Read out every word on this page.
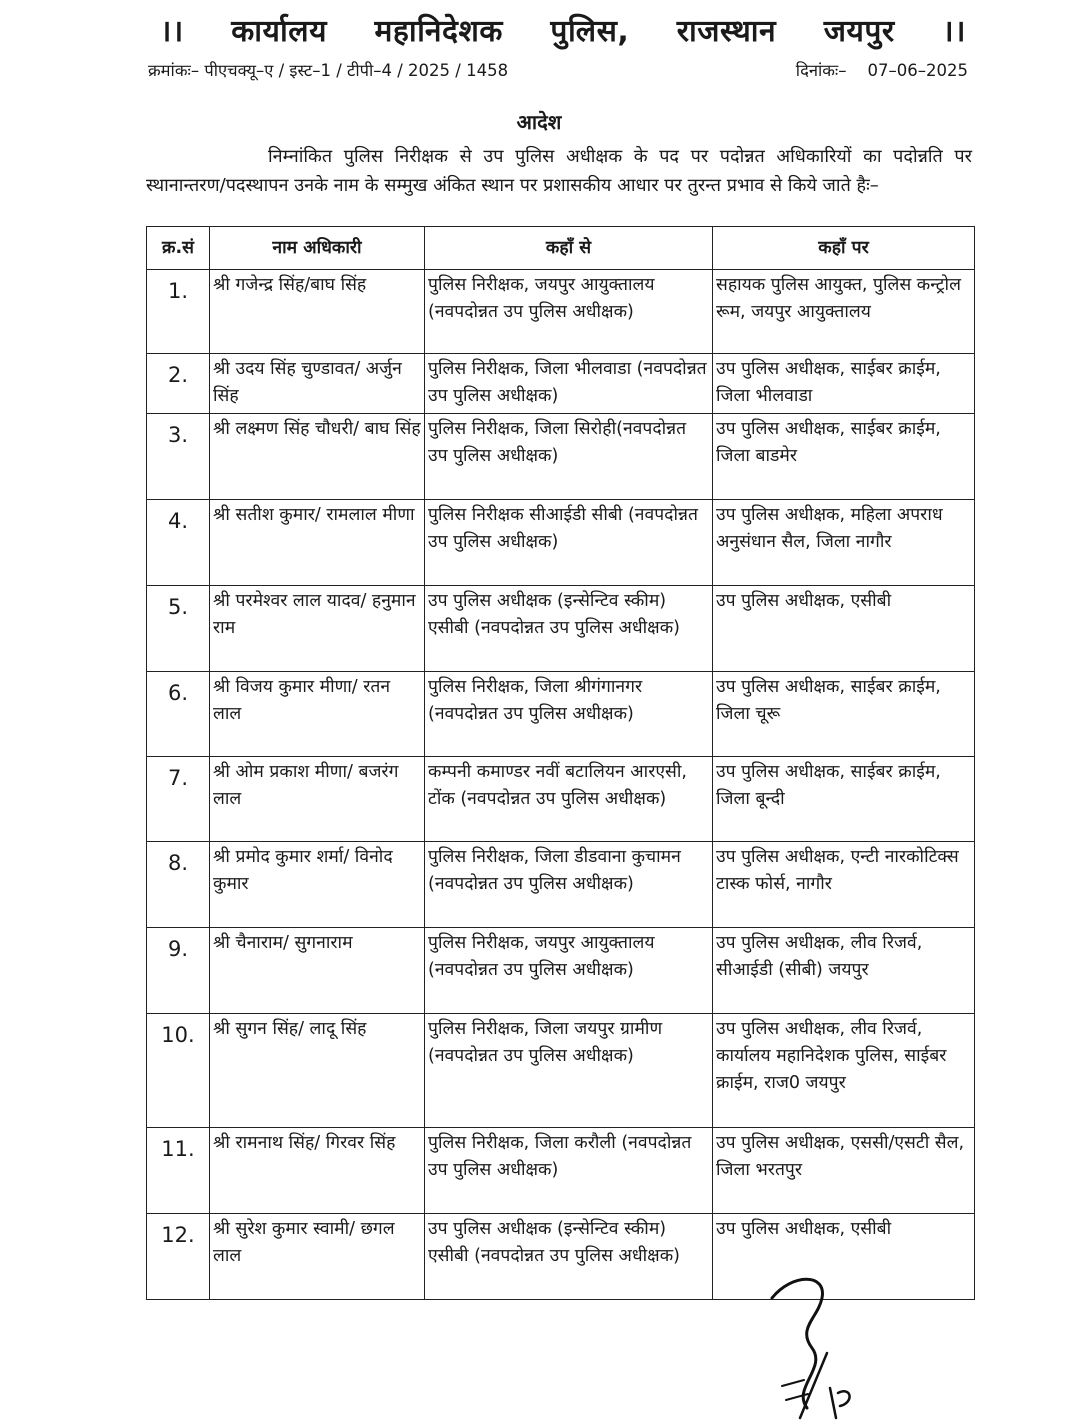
।। कार्यालय महानिदेशक पुलिस, राजस्थान जयपुर ।।
क्रमांकः– पीएचक्यू–ए / इस्ट–1 / टीपी–4 / 2025 / 1458	दिनांकः– 07–06–2025
आदेश
निम्नांकित पुलिस निरीक्षक से उप पुलिस अधीक्षक के पद पर पदोन्नत अधिकारियों का पदोन्नति पर स्थानान्तरण/पदस्थापन उनके नाम के सम्मुख अंकित स्थान पर प्रशासकीय आधार पर तुरन्त प्रभाव से किये जाते हैः–
क्र.सं	नाम अधिकारी	कहाँ से	कहाँ पर
1.	श्री गजेन्द्र सिंह/बाघ सिंह	पुलिस निरीक्षक, जयपुर आयुक्तालय (नवपदोन्नत उप पुलिस अधीक्षक)	सहायक पुलिस आयुक्त, पुलिस कन्ट्रोल रूम, जयपुर आयुक्तालय
2.	श्री उदय सिंह चुण्डावत/ अर्जुन सिंह	पुलिस निरीक्षक, जिला भीलवाडा (नवपदोन्नत उप पुलिस अधीक्षक)	उप पुलिस अधीक्षक, साईबर क्राईम, जिला भीलवाडा
3.	श्री लक्ष्मण सिंह चौधरी/ बाघ सिंह	पुलिस निरीक्षक, जिला सिरोही(नवपदोन्नत उप पुलिस अधीक्षक)	उप पुलिस अधीक्षक, साईबर क्राईम, जिला बाडमेर
4.	श्री सतीश कुमार/ रामलाल मीणा	पुलिस निरीक्षक सीआईडी सीबी (नवपदोन्नत उप पुलिस अधीक्षक)	उप पुलिस अधीक्षक, महिला अपराध अनुसंधान सैल, जिला नागौर
5.	श्री परमेश्वर लाल यादव/ हनुमान राम	उप पुलिस अधीक्षक (इन्सेन्टिव स्कीम) एसीबी (नवपदोन्नत उप पुलिस अधीक्षक)	उप पुलिस अधीक्षक, एसीबी
6.	श्री विजय कुमार मीणा/ रतन लाल	पुलिस निरीक्षक, जिला श्रीगंगानगर (नवपदोन्नत उप पुलिस अधीक्षक)	उप पुलिस अधीक्षक, साईबर क्राईम, जिला चूरू
7.	श्री ओम प्रकाश मीणा/ बजरंग लाल	कम्पनी कमाण्डर नवीं बटालियन आरएसी, टोंक (नवपदोन्नत उप पुलिस अधीक्षक)	उप पुलिस अधीक्षक, साईबर क्राईम, जिला बून्दी
8.	श्री प्रमोद कुमार शर्मा/ विनोद कुमार	पुलिस निरीक्षक, जिला डीडवाना कुचामन (नवपदोन्नत उप पुलिस अधीक्षक)	उप पुलिस अधीक्षक, एन्टी नारकोटिक्स टास्क फोर्स, नागौर
9.	श्री चैनाराम/ सुगनाराम	पुलिस निरीक्षक, जयपुर आयुक्तालय (नवपदोन्नत उप पुलिस अधीक्षक)	उप पुलिस अधीक्षक, लीव रिजर्व, सीआईडी (सीबी) जयपुर
10.	श्री सुगन सिंह/ लादू सिंह	पुलिस निरीक्षक, जिला जयपुर ग्रामीण (नवपदोन्नत उप पुलिस अधीक्षक)	उप पुलिस अधीक्षक, लीव रिजर्व, कार्यालय महानिदेशक पुलिस, साईबर क्राईम, राज0 जयपुर
11.	श्री रामनाथ सिंह/ गिरवर सिंह	पुलिस निरीक्षक, जिला करौली (नवपदोन्नत उप पुलिस अधीक्षक)	उप पुलिस अधीक्षक, एससी/एसटी सैल, जिला भरतपुर
12.	श्री सुरेश कुमार स्वामी/ छगल लाल	उप पुलिस अधीक्षक (इन्सेन्टिव स्कीम) एसीबी (नवपदोन्नत उप पुलिस अधीक्षक)	उप पुलिस अधीक्षक, एसीबी
